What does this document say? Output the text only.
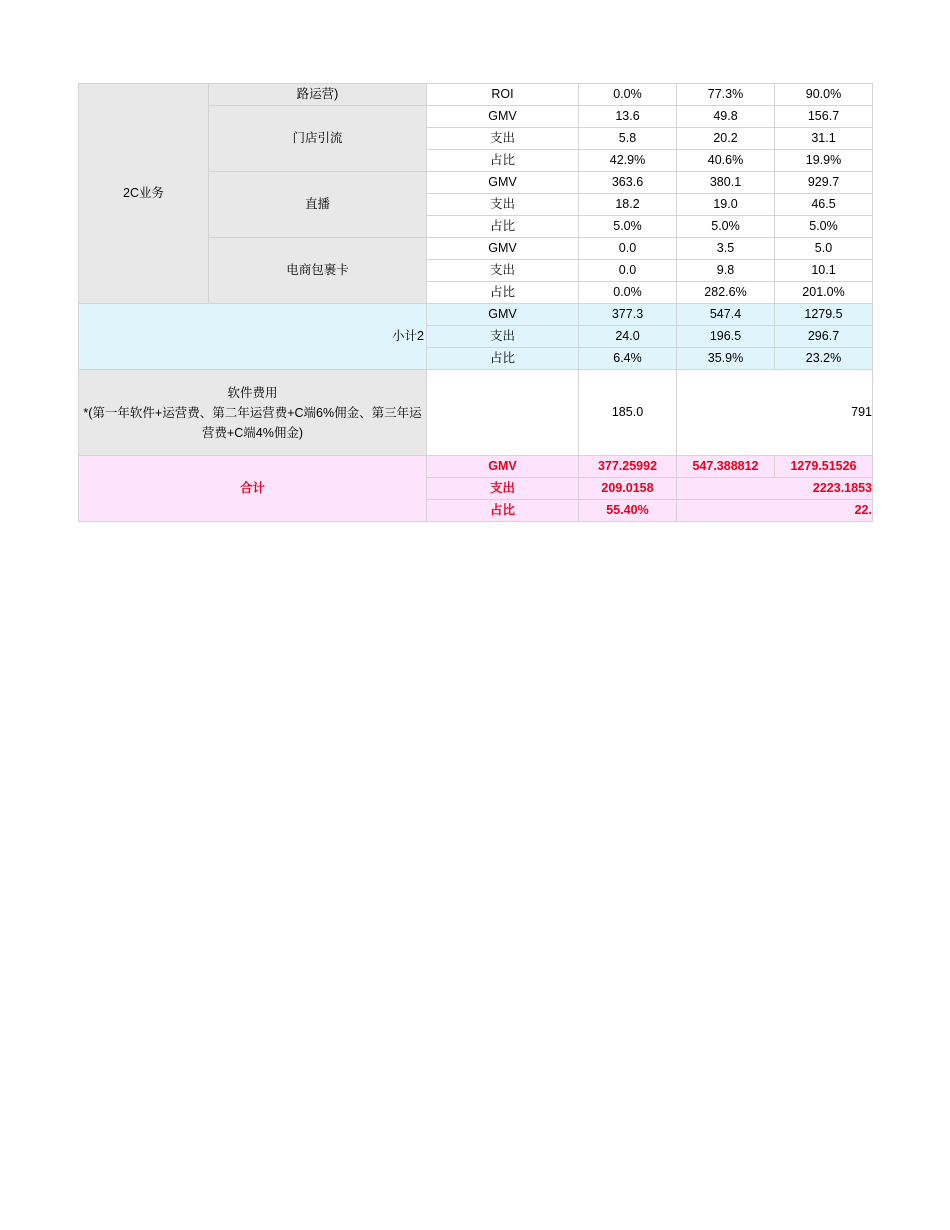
2C业务	路运营)	ROI	0.0%	77.3%	90.0%	
	门店引流	GMV	13.6	49.8	156.7	
		支出	5.8	20.2	31.1	
		占比	42.9%	40.6%	19.9%	
	直播	GMV	363.6	380.1	929.7	
		支出	18.2	19.0	46.5	
		占比	5.0%	5.0%	5.0%	
	电商包裹卡	GMV	0.0	3.5	5.0	
		支出	0.0	9.8	10.1	
		占比	0.0%	282.6%	201.0%	
小计2		GMV	377.3	547.4	1279.5	
		支出	24.0	196.5	296.7	
		占比	6.4%	35.9%	23.2%	

软件费用
*(第一年软件+运营费、第二年运营费+C端6%佣金、第三年运营费+C端4%佣金)			185.0	791		
合计		GMV	377.25992	547.388812	1279.51526	
		支出	209.0158	2223.1853		
		占比	55.40%	22.		
